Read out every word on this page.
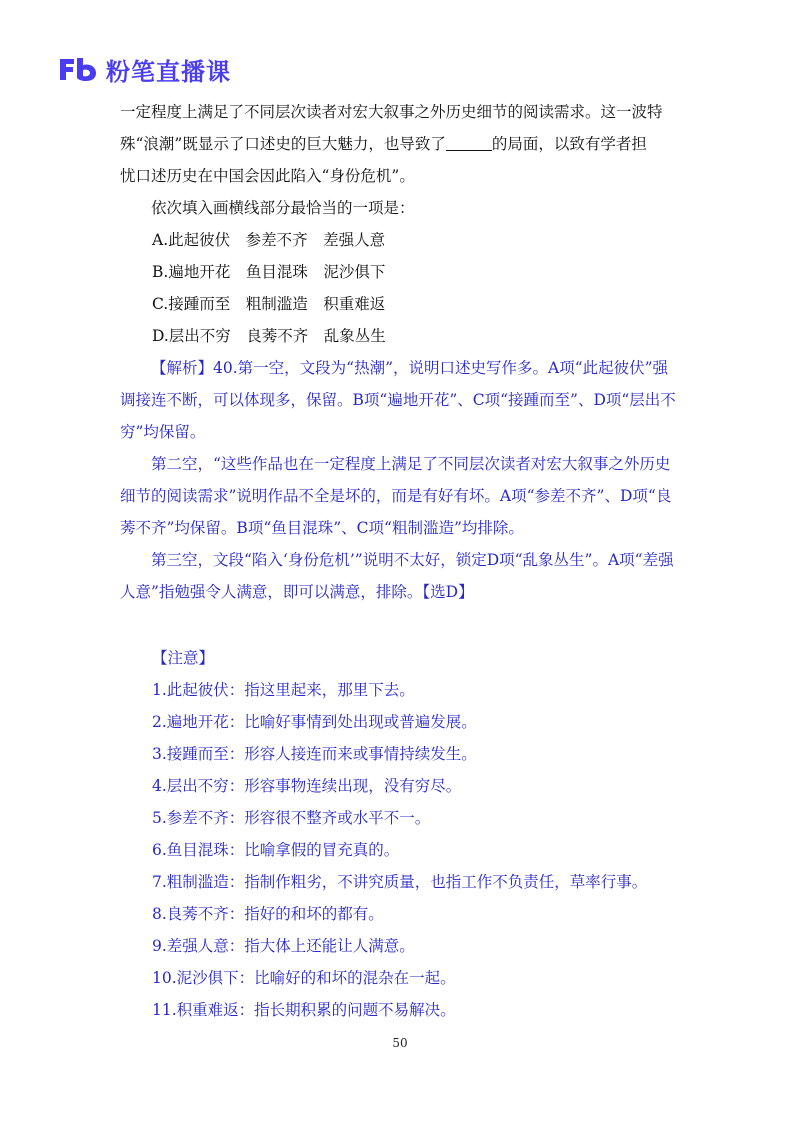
粉笔直播课

一定程度上满足了不同层次读者对宏大叙事之外历史细节的阅读需求。这一波特

殊“浪潮”既显示了口述史的巨大魅力，也导致了	的局面，以致有学者担

忧口述历史在中国会因此陷入“身份危机”。

依次填入画横线部分最恰当的一项是：

A.此起彼伏　参差不齐　差强人意

B.遍地开花　鱼目混珠　泥沙俱下

C.接踵而至　粗制滥造　积重难返

D.层出不穷　良莠不齐　乱象丛生

【解析】40.第一空，文段为“热潮”，说明口述史写作多。A项“此起彼伏”强调接连不断，可以体现多，保留。B项“遍地开花”、C项“接踵而至”、D项“层出不穷”均保留。

第二空，“这些作品也在一定程度上满足了不同层次读者对宏大叙事之外历史细节的阅读需求”说明作品不全是坏的，而是有好有坏。A项“参差不齐”、D项“良莠不齐”均保留。B项“鱼目混珠”、C项“粗制滥造”均排除。

第三空，文段“陷入‘身份危机’”说明不太好，锁定D项“乱象丛生”。A项“差强人意”指勉强令人满意，即可以满意，排除。【选D】

【注意】

1.此起彼伏：指这里起来，那里下去。

2.遍地开花：比喻好事情到处出现或普遍发展。

3.接踵而至：形容人接连而来或事情持续发生。

4.层出不穷：形容事物连续出现，没有穷尽。

5.参差不齐：形容很不整齐或水平不一。

6.鱼目混珠：比喻拿假的冒充真的。

7.粗制滥造：指制作粗劣，不讲究质量，也指工作不负责任，草率行事。

8.良莠不齐：指好的和坏的都有。

9.差强人意：指大体上还能让人满意。

10.泥沙俱下：比喻好的和坏的混杂在一起。

11.积重难返：指长期积累的问题不易解决。

50
